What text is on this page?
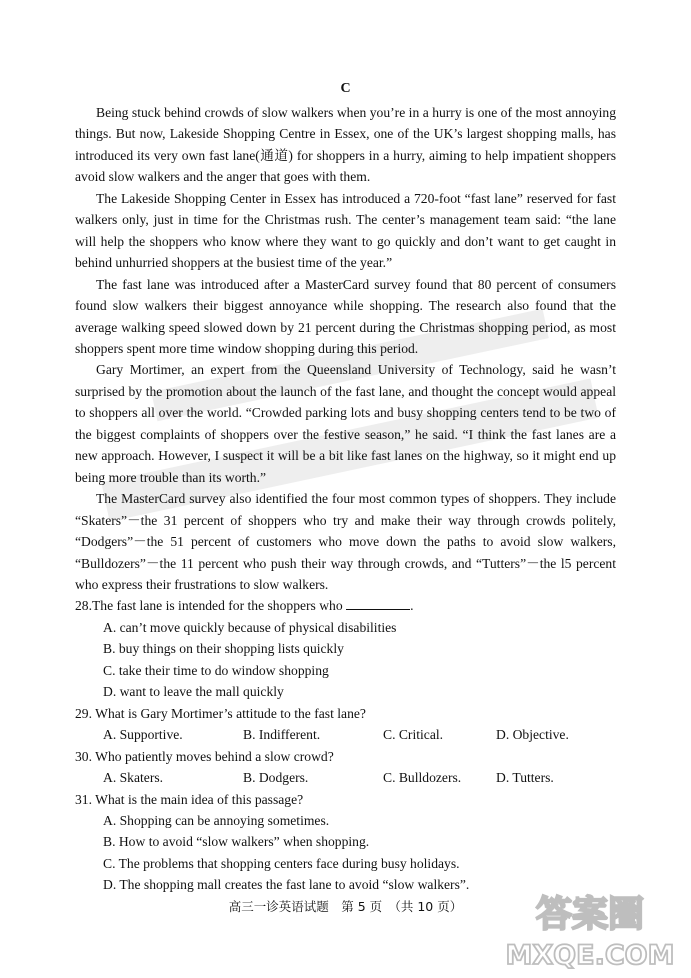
C

Being stuck behind crowds of slow walkers when you’re in a hurry is one of the most annoying things. But now, Lakeside Shopping Centre in Essex, one of the UK’s largest shopping malls, has introduced its very own fast lane(通道) for shoppers in a hurry, aiming to help impatient shoppers avoid slow walkers and the anger that goes with them.

The Lakeside Shopping Center in Essex has introduced a 720-foot “fast lane” reserved for fast walkers only, just in time for the Christmas rush. The center’s management team said: “the lane will help the shoppers who know where they want to go quickly and don’t want to get caught in behind unhurried shoppers at the busiest time of the year.”

The fast lane was introduced after a MasterCard survey found that 80 percent of consumers found slow walkers their biggest annoyance while shopping. The research also found that the average walking speed slowed down by 21 percent during the Christmas shopping period, as most shoppers spent more time window shopping during this period.

Gary Mortimer, an expert from the Queensland University of Technology, said he wasn’t surprised by the promotion about the launch of the fast lane, and thought the concept would appeal to shoppers all over the world. “Crowded parking lots and busy shopping centers tend to be two of the biggest complaints of shoppers over the festive season,” he said. “I think the fast lanes are a new approach. However, I suspect it will be a bit like fast lanes on the highway, so it might end up being more trouble than its worth.”

The MasterCard survey also identified the four most common types of shoppers. They include “Skaters”－the 31 percent of shoppers who try and make their way through crowds politely, “Dodgers”－the 51 percent of customers who move down the paths to avoid slow walkers, “Bulldozers”－the 11 percent who push their way through crowds, and “Tutters”－the l5 percent who express their frustrations to slow walkers.

28.The fast lane is intended for the shoppers who	.

A. can’t move quickly because of physical disabilities

B. buy things on their shopping lists quickly

C. take their time to do window shopping

D. want to leave the mall quickly

29. What is Gary Mortimer’s attitude to the fast lane?

A. Supportive.	B. Indifferent.	C. Critical.	D. Objective.

30. Who patiently moves behind a slow crowd?

A. Skaters.	B. Dodgers.	C. Bulldozers.	D. Tutters.

31. What is the main idea of this passage?

A. Shopping can be annoying sometimes.

B. How to avoid “slow walkers” when shopping.

C. The problems that shopping centers face during busy holidays.

D. The shopping mall creates the fast lane to avoid “slow walkers”.

高三一诊英语试题　第 5 页　（共 10 页）	答案圈
MXQE.COM
